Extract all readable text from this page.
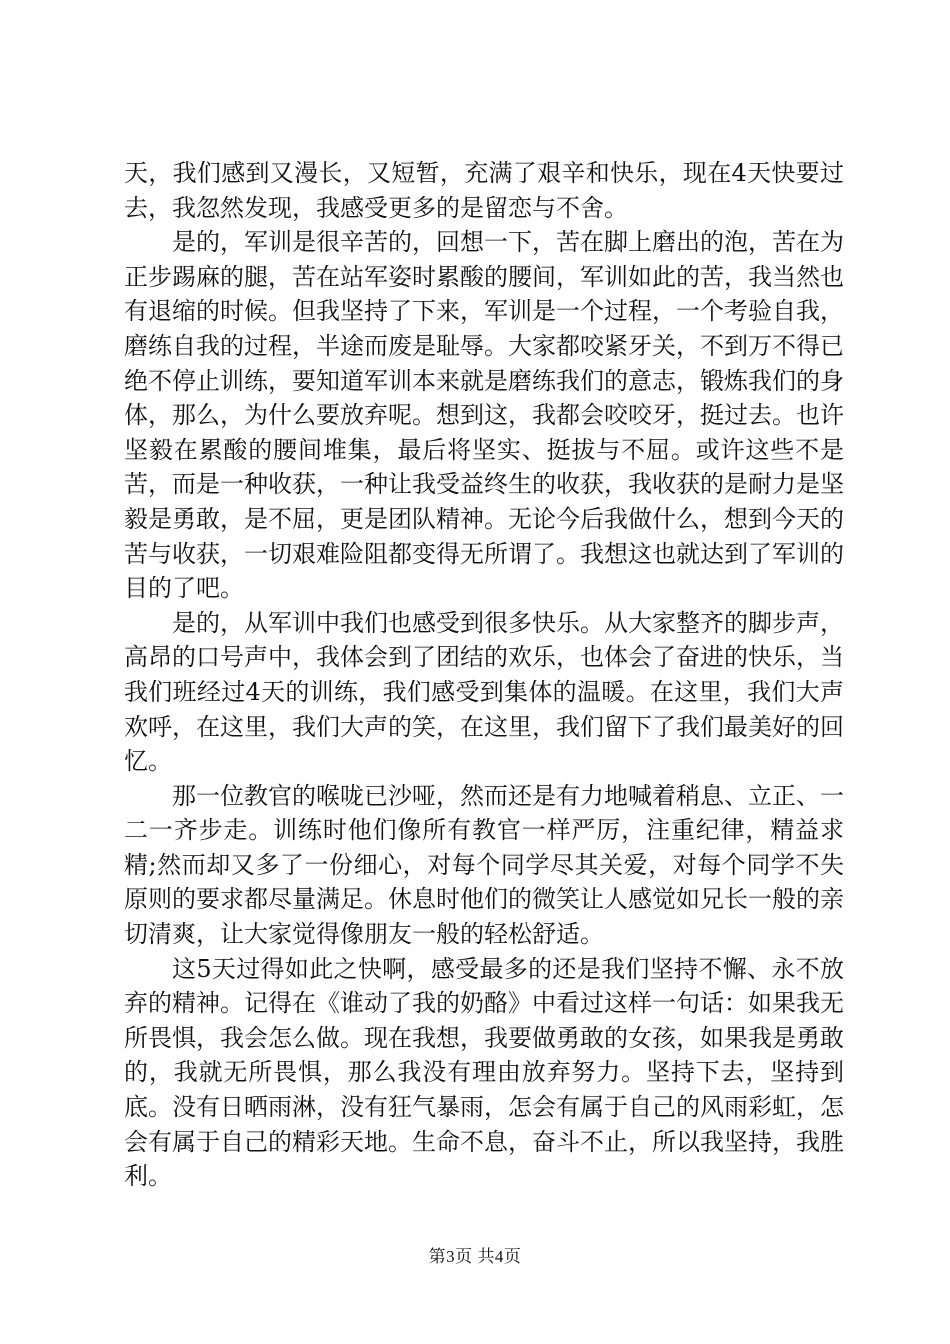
天，我们感到又漫长，又短暂，充满了艰辛和快乐，现在4天快要过去，我忽然发现，我感受更多的是留恋与不舍。

是的，军训是很辛苦的，回想一下，苦在脚上磨出的泡，苦在为正步踢麻的腿，苦在站军姿时累酸的腰间，军训如此的苦，我当然也有退缩的时候。但我坚持了下来，军训是一个过程，一个考验自我，磨练自我的过程，半途而废是耻辱。大家都咬紧牙关，不到万不得已绝不停止训练，要知道军训本来就是磨练我们的意志，锻炼我们的身体，那么，为什么要放弃呢。想到这，我都会咬咬牙，挺过去。也许坚毅在累酸的腰间堆集，最后将坚实、挺拔与不屈。或许这些不是苦，而是一种收获，一种让我受益终生的收获，我收获的是耐力是坚毅是勇敢，是不屈，更是团队精神。无论今后我做什么，想到今天的苦与收获，一切艰难险阻都变得无所谓了。我想这也就达到了军训的目的了吧。

是的，从军训中我们也感受到很多快乐。从大家整齐的脚步声，高昂的口号声中，我体会到了团结的欢乐，也体会了奋进的快乐，当我们班经过4天的训练，我们感受到集体的温暖。在这里，我们大声欢呼，在这里，我们大声的笑，在这里，我们留下了我们最美好的回忆。

那一位教官的喉咙已沙哑，然而还是有力地喊着稍息、立正、一二一齐步走。训练时他们像所有教官一样严厉，注重纪律，精益求精;然而却又多了一份细心，对每个同学尽其关爱，对每个同学不失原则的要求都尽量满足。休息时他们的微笑让人感觉如兄长一般的亲切清爽，让大家觉得像朋友一般的轻松舒适。

这5天过得如此之快啊，感受最多的还是我们坚持不懈、永不放弃的精神。记得在《谁动了我的奶酪》中看过这样一句话：如果我无所畏惧，我会怎么做。现在我想，我要做勇敢的女孩，如果我是勇敢的，我就无所畏惧，那么我没有理由放弃努力。坚持下去，坚持到底。没有日晒雨淋，没有狂气暴雨，怎会有属于自己的风雨彩虹，怎会有属于自己的精彩天地。生命不息，奋斗不止，所以我坚持，我胜利。

第3页 共4页
